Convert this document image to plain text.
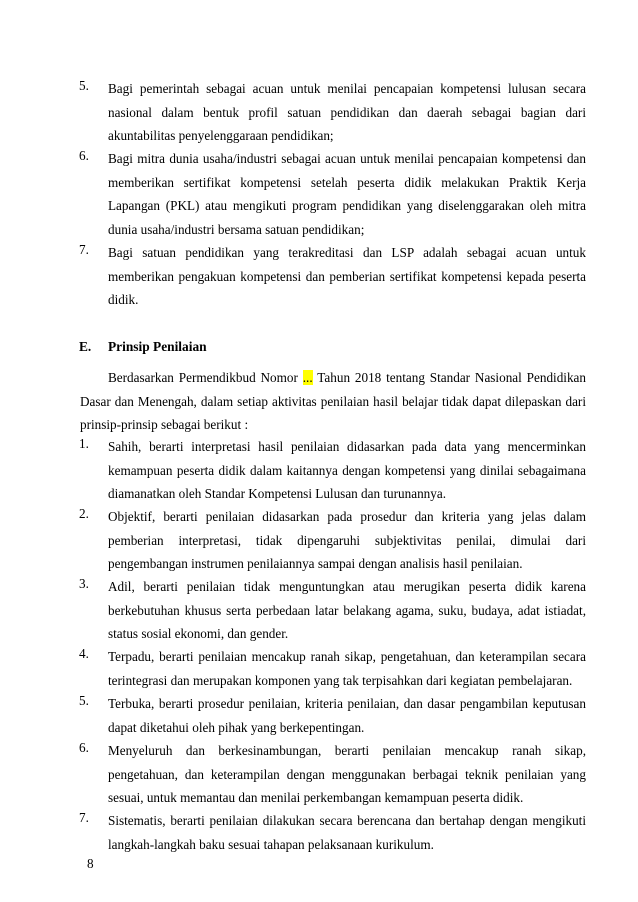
5. Bagi pemerintah sebagai acuan untuk menilai pencapaian kompetensi lulusan secara nasional dalam bentuk profil satuan pendidikan dan daerah sebagai bagian dari akuntabilitas penyelenggaraan pendidikan;
6. Bagi mitra dunia usaha/industri sebagai acuan untuk menilai pencapaian kompetensi dan memberikan sertifikat kompetensi setelah peserta didik melakukan Praktik Kerja Lapangan (PKL) atau mengikuti program pendidikan yang diselenggarakan oleh mitra dunia usaha/industri bersama satuan pendidikan;
7. Bagi satuan pendidikan yang terakreditasi dan LSP adalah sebagai acuan untuk memberikan pengakuan kompetensi dan pemberian sertifikat kompetensi kepada peserta didik.
E. Prinsip Penilaian
Berdasarkan Permendikbud Nomor ... Tahun 2018 tentang Standar Nasional Pendidikan Dasar dan Menengah, dalam setiap aktivitas penilaian hasil belajar tidak dapat dilepaskan dari prinsip-prinsip sebagai berikut :
1. Sahih, berarti interpretasi hasil penilaian didasarkan pada data yang mencerminkan kemampuan peserta didik dalam kaitannya dengan kompetensi yang dinilai sebagaimana diamanatkan oleh Standar Kompetensi Lulusan dan turunannya.
2. Objektif, berarti penilaian didasarkan pada prosedur dan kriteria yang jelas dalam pemberian interpretasi, tidak dipengaruhi subjektivitas penilai, dimulai dari pengembangan instrumen penilaiannya sampai dengan analisis hasil penilaian.
3. Adil, berarti penilaian tidak menguntungkan atau merugikan peserta didik karena berkebutuhan khusus serta perbedaan latar belakang agama, suku, budaya, adat istiadat, status sosial ekonomi, dan gender.
4. Terpadu, berarti penilaian mencakup ranah sikap, pengetahuan, dan keterampilan secara terintegrasi dan merupakan komponen yang tak terpisahkan dari kegiatan pembelajaran.
5. Terbuka, berarti prosedur penilaian, kriteria penilaian, dan dasar pengambilan keputusan dapat diketahui oleh pihak yang berkepentingan.
6. Menyeluruh dan berkesinambungan, berarti penilaian mencakup ranah sikap, pengetahuan, dan keterampilan dengan menggunakan berbagai teknik penilaian yang sesuai, untuk memantau dan menilai perkembangan kemampuan peserta didik.
7. Sistematis, berarti penilaian dilakukan secara berencana dan bertahap dengan mengikuti langkah-langkah baku sesuai tahapan pelaksanaan kurikulum.
8
